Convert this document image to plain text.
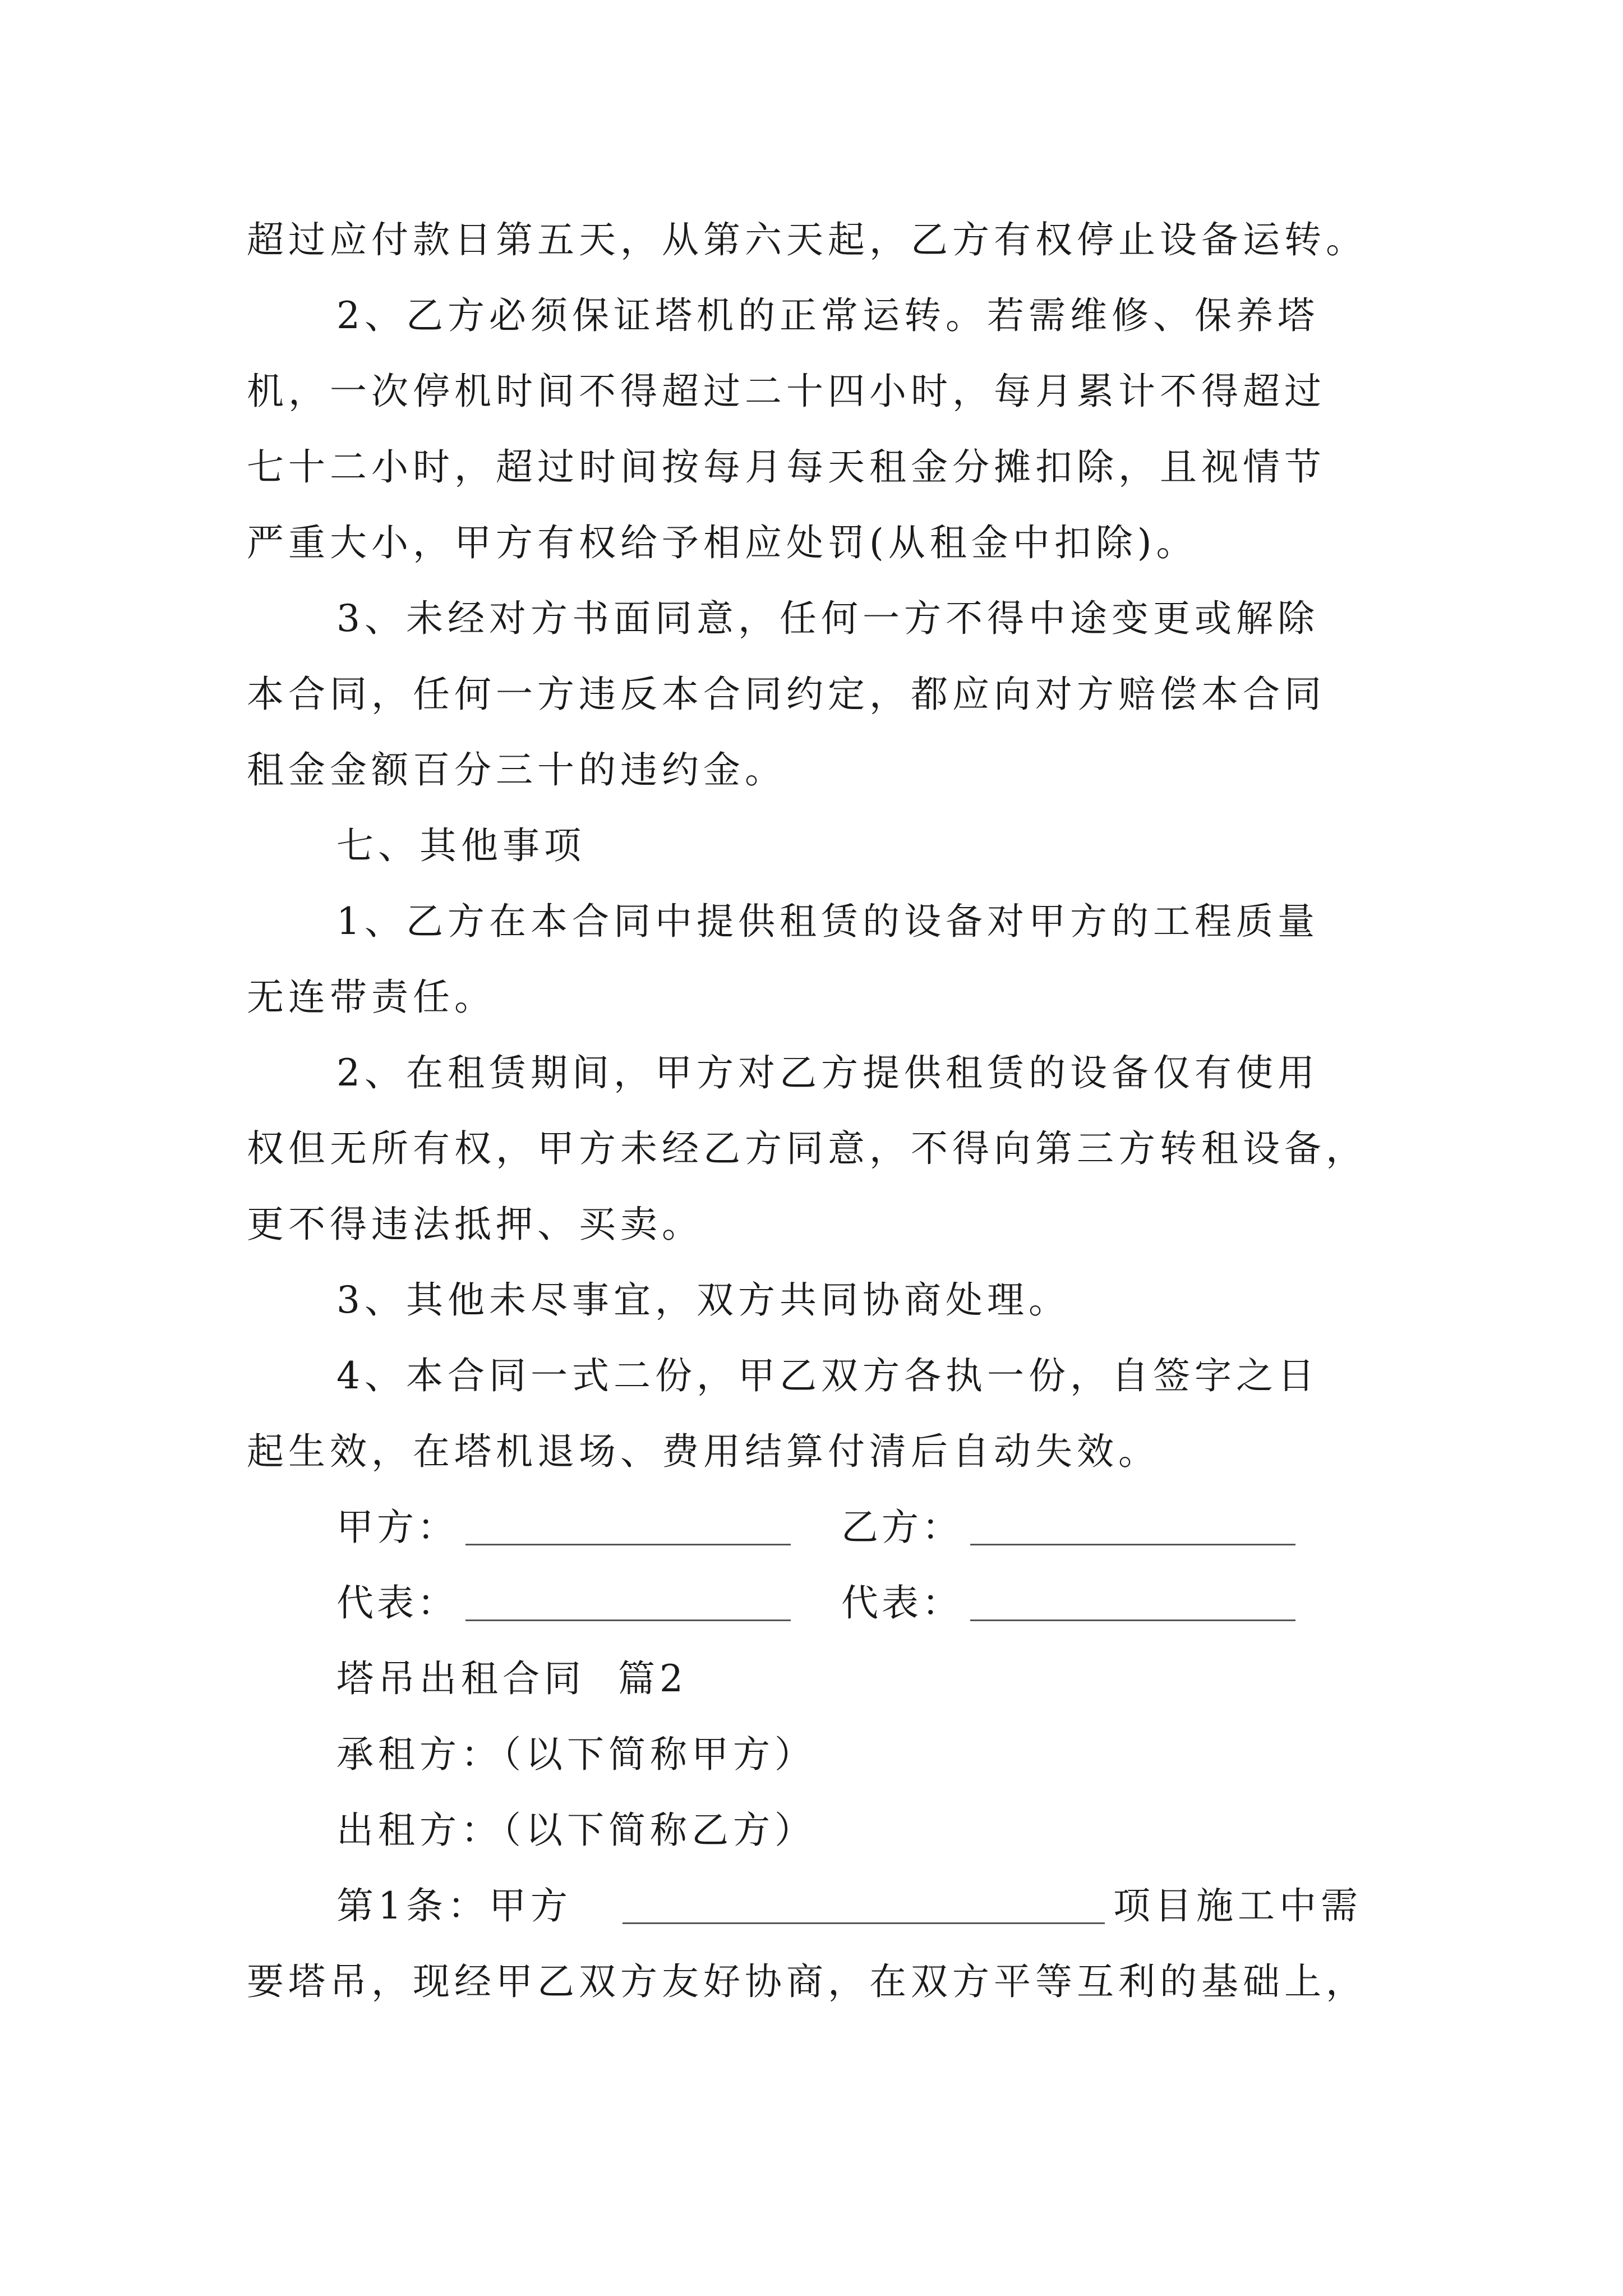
超过应付款日第五天，从第六天起，乙方有权停止设备运转。
2、乙方必须保证塔机的正常运转。若需维修、保养塔
机，一次停机时间不得超过二十四小时，每月累计不得超过
七十二小时，超过时间按每月每天租金分摊扣除，且视情节
严重大小，甲方有权给予相应处罚(从租金中扣除)。
3、未经对方书面同意，任何一方不得中途变更或解除
本合同，任何一方违反本合同约定，都应向对方赔偿本合同
租金金额百分三十的违约金。
七、其他事项
1、乙方在本合同中提供租赁的设备对甲方的工程质量
无连带责任。
2、在租赁期间，甲方对乙方提供租赁的设备仅有使用
权但无所有权，甲方未经乙方同意，不得向第三方转租设备，
更不得违法抵押、买卖。
3、其他未尽事宜，双方共同协商处理。
4、本合同一式二份，甲乙双方各执一份，自签字之日
起生效，在塔机退场、费用结算付清后自动失效。
甲方：	乙方：
代表：	代表：
塔吊出租合同  篇2
承租方：（以下简称甲方）
出租方：（以下简称乙方）
第1条：甲方	项目施工中需
要塔吊，现经甲乙双方友好协商，在双方平等互利的基础上，
